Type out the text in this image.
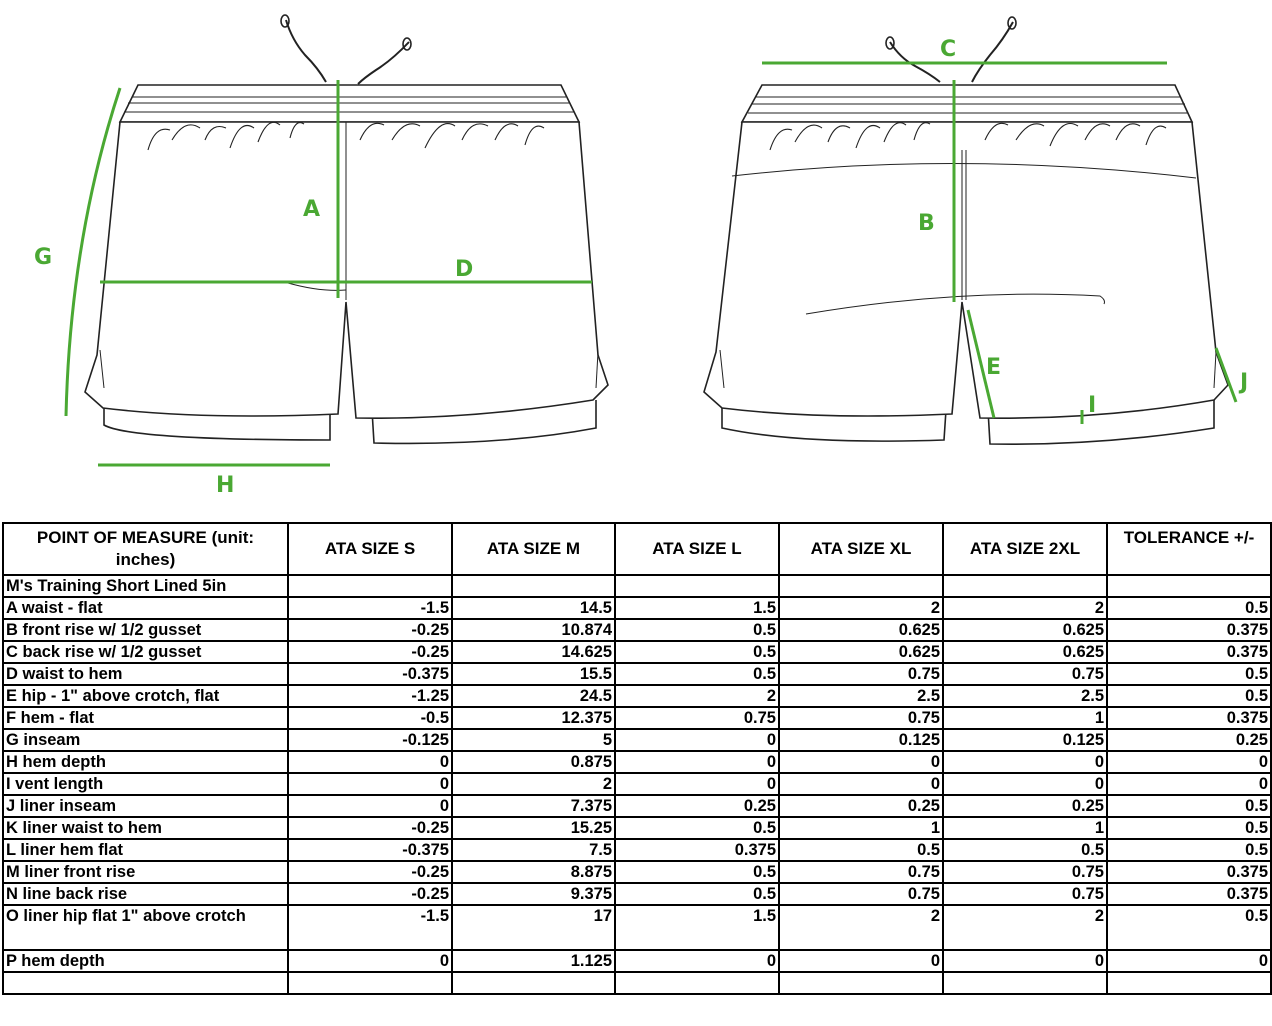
A
D
G
H
C
B
E
I
J
POINT OF MEASURE (unit: inches)	ATA SIZE S	ATA SIZE M	ATA SIZE L	ATA SIZE XL	ATA SIZE 2XL	TOLERANCE +/-
M's Training Short Lined 5in						
A waist - flat	-1.5	14.5	1.5	2	2	0.5
B front rise w/ 1/2 gusset	-0.25	10.874	0.5	0.625	0.625	0.375
C back rise w/ 1/2 gusset	-0.25	14.625	0.5	0.625	0.625	0.375
D waist to hem	-0.375	15.5	0.5	0.75	0.75	0.5
E hip - 1" above crotch, flat	-1.25	24.5	2	2.5	2.5	0.5
F hem - flat	-0.5	12.375	0.75	0.75	1	0.375
G inseam	-0.125	5	0	0.125	0.125	0.25
H hem depth	0	0.875	0	0	0	0
I vent length	0	2	0	0	0	0
J liner inseam	0	7.375	0.25	0.25	0.25	0.5
K liner waist to hem	-0.25	15.25	0.5	1	1	0.5
L liner hem flat	-0.375	7.5	0.375	0.5	0.5	0.5
M liner front rise	-0.25	8.875	0.5	0.75	0.75	0.375
N line back rise	-0.25	9.375	0.5	0.75	0.75	0.375
O liner hip flat 1" above crotch	-1.5	17	1.5	2	2	0.5
P hem depth	0	1.125	0	0	0	0
